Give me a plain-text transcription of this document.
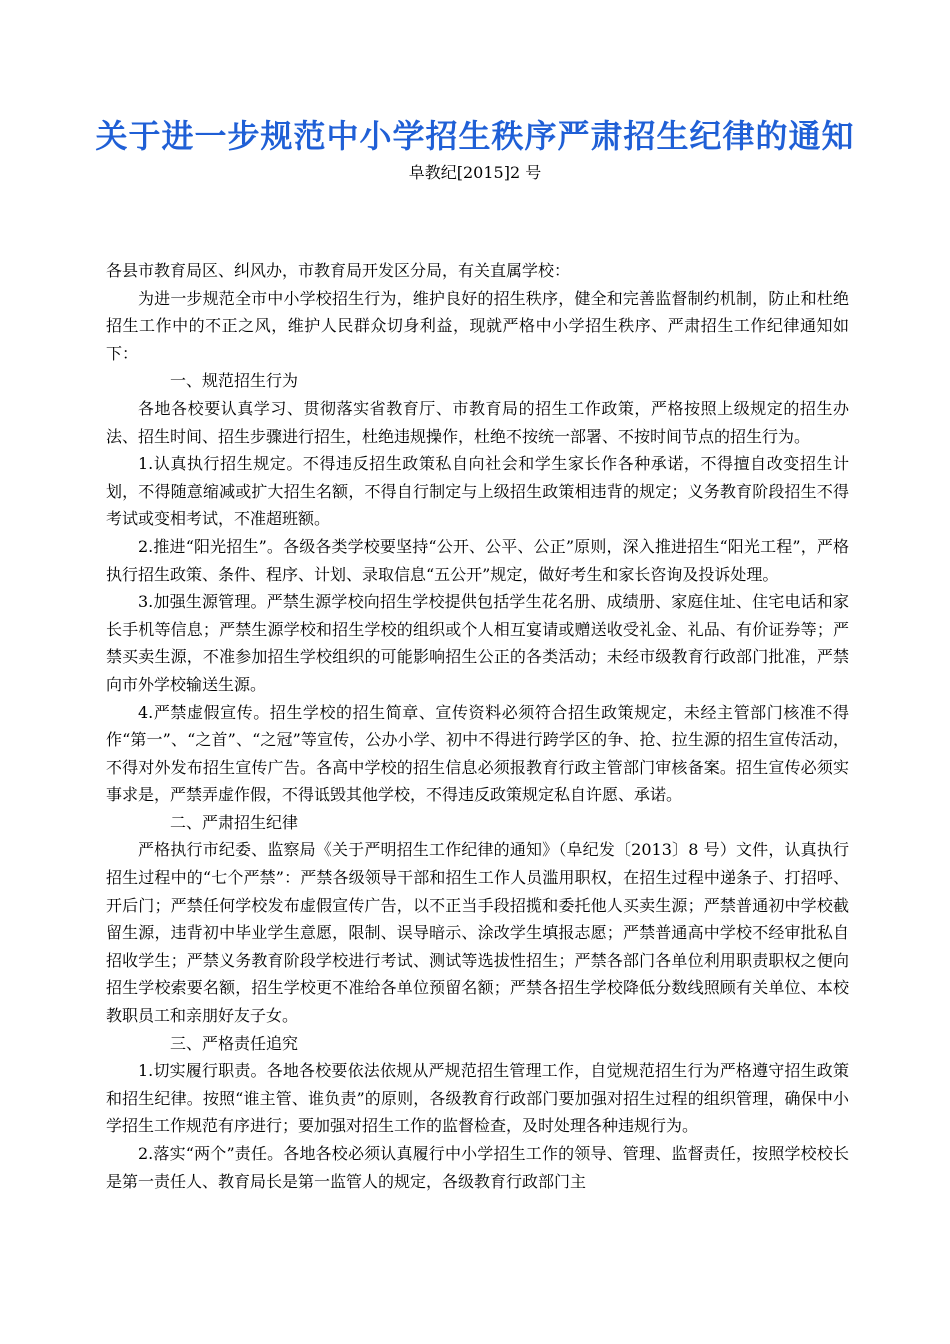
关于进一步规范中小学招生秩序严肃招生纪律的通知
阜教纪[2015]2 号

各县市教育局区、纠风办，市教育局开发区分局，有关直属学校：

为进一步规范全市中小学校招生行为，维护良好的招生秩序，健全和完善监督制约机制，防止和杜绝招生工作中的不正之风，维护人民群众切身利益，现就严格中小学招生秩序、严肃招生工作纪律通知如下：

一、规范招生行为

各地各校要认真学习、贯彻落实省教育厅、市教育局的招生工作政策，严格按照上级规定的招生办法、招生时间、招生步骤进行招生，杜绝违规操作，杜绝不按统一部署、不按时间节点的招生行为。

1.认真执行招生规定。不得违反招生政策私自向社会和学生家长作各种承诺，不得擅自改变招生计划，不得随意缩减或扩大招生名额，不得自行制定与上级招生政策相违背的规定；义务教育阶段招生不得考试或变相考试，不准超班额。

2.推进“阳光招生”。各级各类学校要坚持“公开、公平、公正”原则，深入推进招生“阳光工程”，严格执行招生政策、条件、程序、计划、录取信息“五公开”规定，做好考生和家长咨询及投诉处理。

3.加强生源管理。严禁生源学校向招生学校提供包括学生花名册、成绩册、家庭住址、住宅电话和家长手机等信息；严禁生源学校和招生学校的组织或个人相互宴请或赠送收受礼金、礼品、有价证券等；严禁买卖生源，不准参加招生学校组织的可能影响招生公正的各类活动；未经市级教育行政部门批准，严禁向市外学校输送生源。

4.严禁虚假宣传。招生学校的招生简章、宣传资料必须符合招生政策规定，未经主管部门核准不得作“第一”、“之首”、“之冠”等宣传，公办小学、初中不得进行跨学区的争、抢、拉生源的招生宣传活动，不得对外发布招生宣传广告。各高中学校的招生信息必须报教育行政主管部门审核备案。招生宣传必须实事求是，严禁弄虚作假，不得诋毁其他学校，不得违反政策规定私自许愿、承诺。

二、严肃招生纪律

严格执行市纪委、监察局《关于严明招生工作纪律的通知》（阜纪发〔2013〕8 号）文件，认真执行招生过程中的“七个严禁”：严禁各级领导干部和招生工作人员滥用职权，在招生过程中递条子、打招呼、开后门；严禁任何学校发布虚假宣传广告，以不正当手段招揽和委托他人买卖生源；严禁普通初中学校截留生源，违背初中毕业学生意愿，限制、误导暗示、涂改学生填报志愿；严禁普通高中学校不经审批私自招收学生；严禁义务教育阶段学校进行考试、测试等选拔性招生；严禁各部门各单位利用职责职权之便向招生学校索要名额，招生学校更不准给各单位预留名额；严禁各招生学校降低分数线照顾有关单位、本校教职员工和亲朋好友子女。

三、严格责任追究

1.切实履行职责。各地各校要依法依规从严规范招生管理工作，自觉规范招生行为严格遵守招生政策和招生纪律。按照“谁主管、谁负责”的原则，各级教育行政部门要加强对招生过程的组织管理，确保中小学招生工作规范有序进行；要加强对招生工作的监督检查，及时处理各种违规行为。

2.落实“两个”责任。各地各校必须认真履行中小学招生工作的领导、管理、监督责任，按照学校校长是第一责任人、教育局长是第一监管人的规定，各级教育行政部门主
